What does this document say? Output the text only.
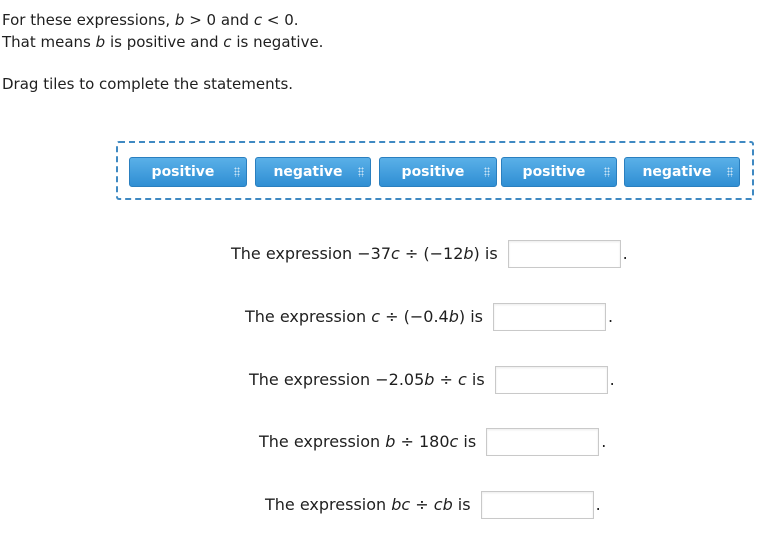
For these expressions, b > 0 and c < 0.

That means b is positive and c is negative.

Drag tiles to complete the statements.

positive	negative	positive	positive	negative
The expression −37c ÷ (−12b) is	.
The expression c ÷ (−0.4b) is	.
The expression −2.05b ÷ c is	.
The expression b ÷ 180c is	.
The expression bc ÷ cb is	.
